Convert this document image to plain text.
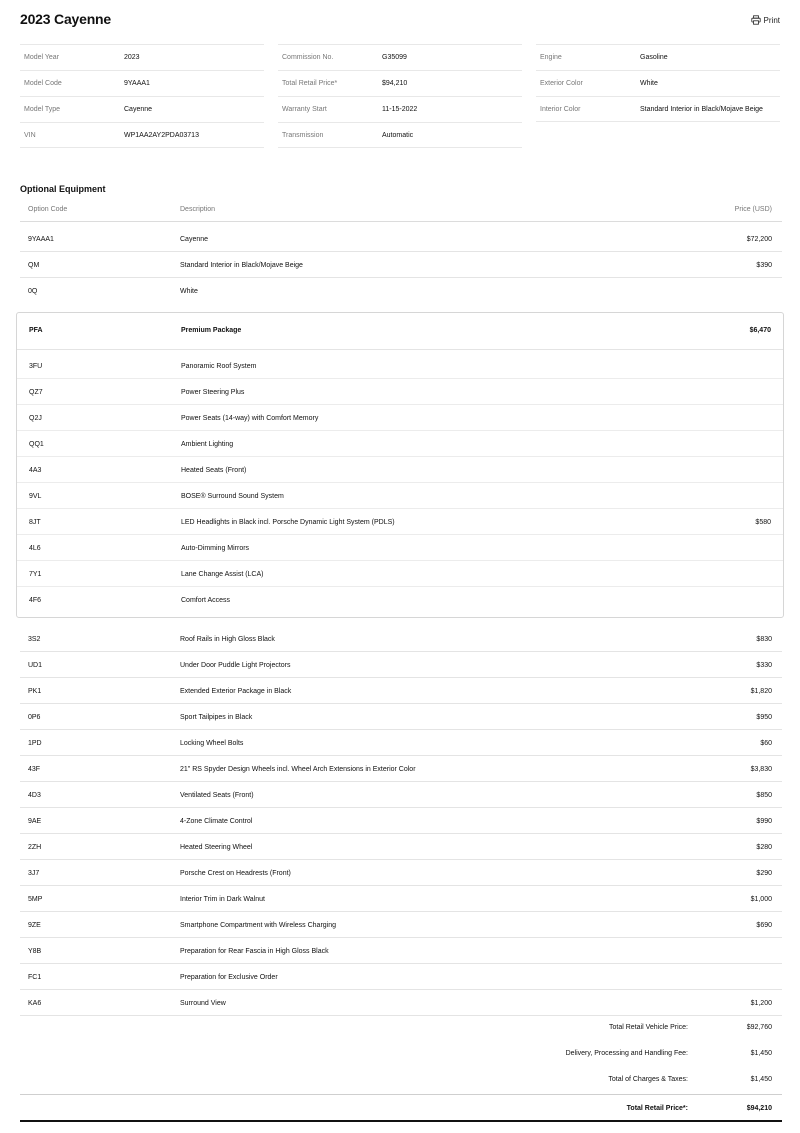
2023 Cayenne	Print
Model Year	2023
Model Code	9YAAA1
Model Type	Cayenne
VIN	WP1AA2AY2PDA03713
Commission No.	G35099
Total Retail Price*	$94,210
Warranty Start	11-15-2022
Transmission	Automatic
Engine	Gasoline
Exterior Color	White
Interior Color	Standard Interior in Black/Mojave Beige
Optional Equipment
Option Code	Description	Price (USD)
9YAAA1	Cayenne	$72,200
QM	Standard Interior in Black/Mojave Beige	$390
0Q	White
PFA	Premium Package	$6,470
3FU	Panoramic Roof System
QZ7	Power Steering Plus
Q2J	Power Seats (14-way) with Comfort Memory
QQ1	Ambient Lighting
4A3	Heated Seats (Front)
9VL	BOSE® Surround Sound System
8JT	LED Headlights in Black incl. Porsche Dynamic Light System (PDLS)	$580
4L6	Auto-Dimming Mirrors
7Y1	Lane Change Assist (LCA)
4F6	Comfort Access
3S2	Roof Rails in High Gloss Black	$830
UD1	Under Door Puddle Light Projectors	$330
PK1	Extended Exterior Package in Black	$1,820
0P6	Sport Tailpipes in Black	$950
1PD	Locking Wheel Bolts	$60
43F	21" RS Spyder Design Wheels incl. Wheel Arch Extensions in Exterior Color	$3,830
4D3	Ventilated Seats (Front)	$850
9AE	4-Zone Climate Control	$990
2ZH	Heated Steering Wheel	$280
3J7	Porsche Crest on Headrests (Front)	$290
5MP	Interior Trim in Dark Walnut	$1,000
9ZE	Smartphone Compartment with Wireless Charging	$690
Y8B	Preparation for Rear Fascia in High Gloss Black
FC1	Preparation for Exclusive Order
KA6	Surround View	$1,200
Total Retail Vehicle Price:	$92,760
Delivery, Processing and Handling Fee:	$1,450
Total of Charges & Taxes:	$1,450
Total Retail Price*:	$94,210
